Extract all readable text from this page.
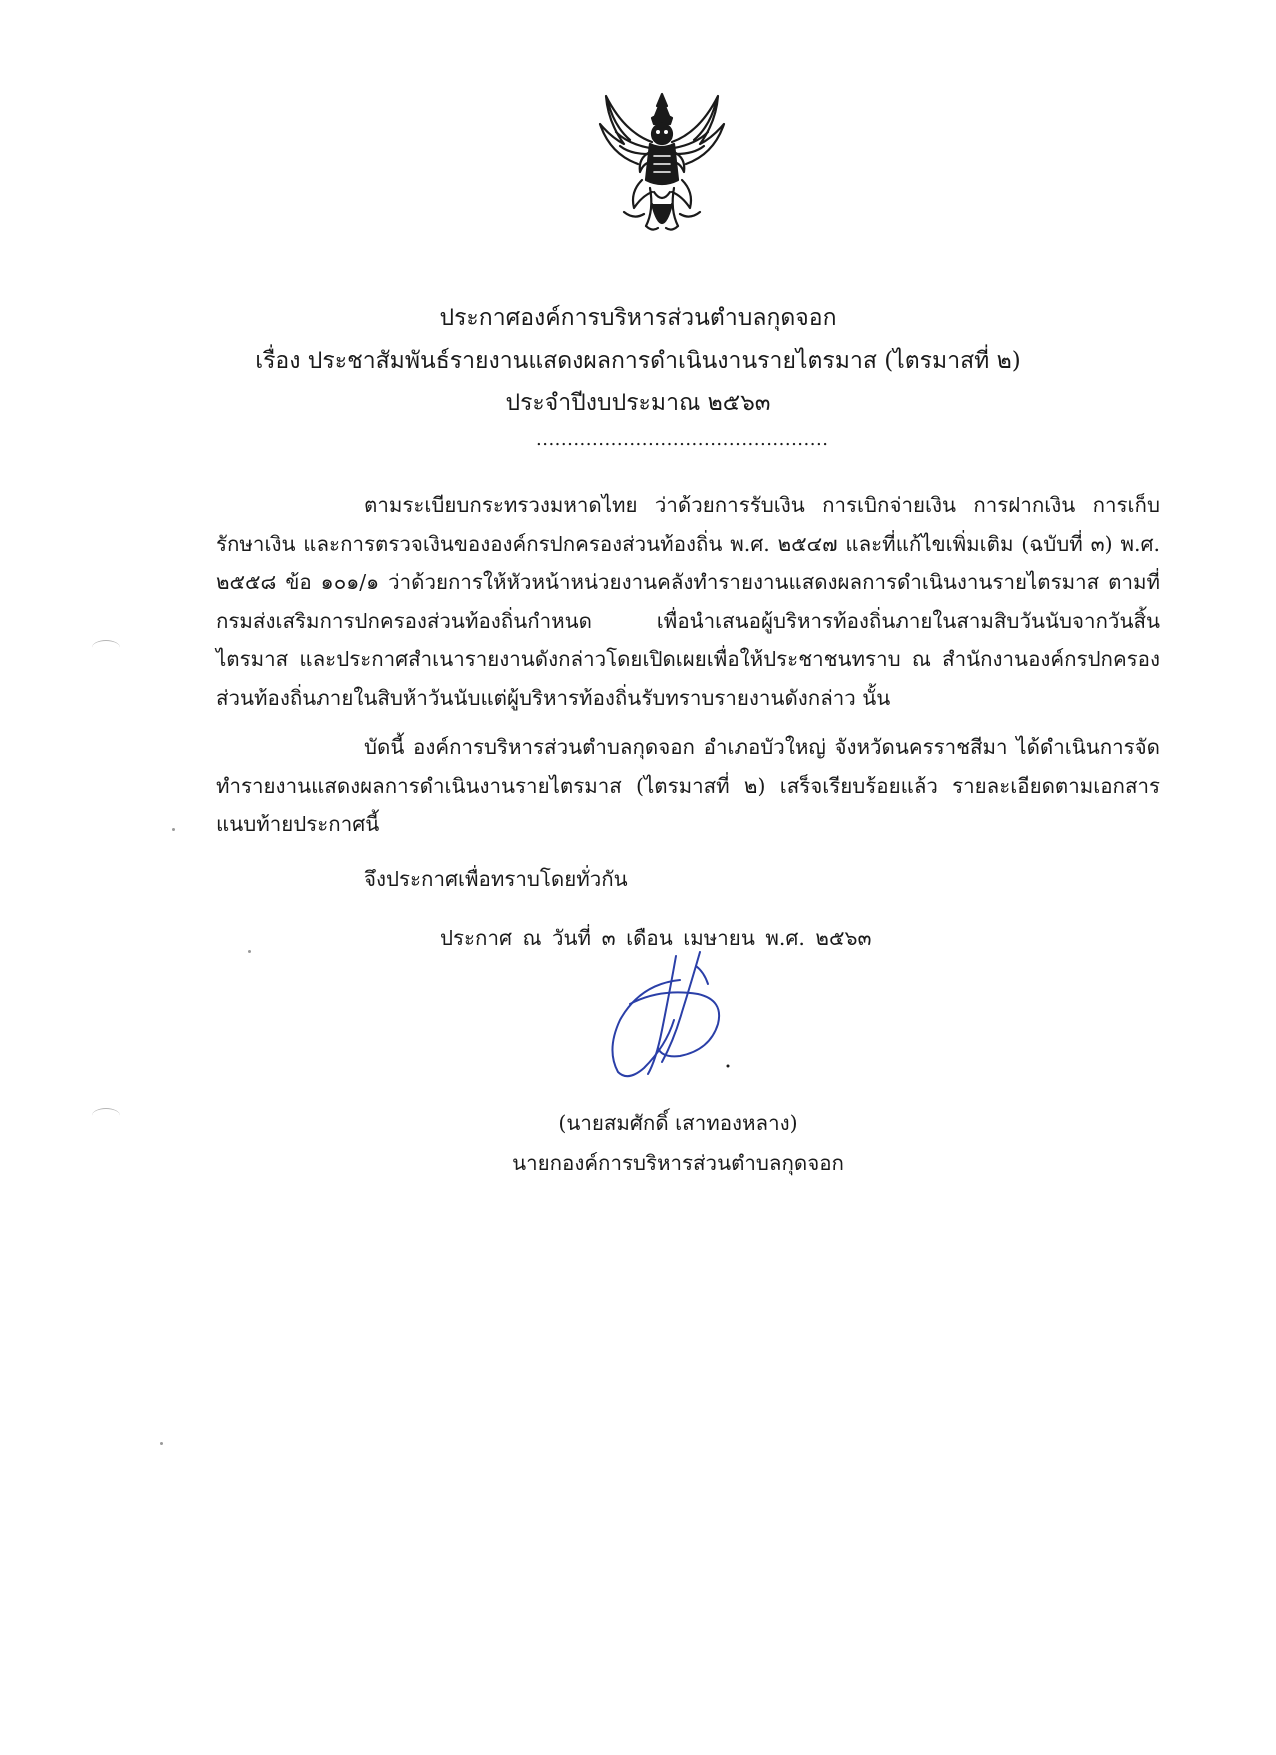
ประกาศองค์การบริหารส่วนตำบลกุดจอก
เรื่อง ประชาสัมพันธ์รายงานแสดงผลการดำเนินงานรายไตรมาส (ไตรมาสที่ ๒)
ประจำปีงบประมาณ ๒๕๖๓
...............................................
ตามระเบียบกระทรวงมหาดไทย ว่าด้วยการรับเงิน การเบิกจ่ายเงิน การฝากเงิน การเก็บรักษาเงิน และการตรวจเงินขององค์กรปกครองส่วนท้องถิ่น พ.ศ. ๒๕๔๗ และที่แก้ไขเพิ่มเติม (ฉบับที่ ๓) พ.ศ. ๒๕๕๘ ข้อ ๑๐๑/๑ ว่าด้วยการให้หัวหน้าหน่วยงานคลังทำรายงานแสดงผลการดำเนินงานรายไตรมาส ตามที่กรมส่งเสริมการปกครองส่วนท้องถิ่นกำหนด เพื่อนำเสนอผู้บริหารท้องถิ่นภายในสามสิบวันนับจากวันสิ้นไตรมาส และประกาศสำเนารายงานดังกล่าวโดยเปิดเผยเพื่อให้ประชาชนทราบ ณ สำนักงานองค์กรปกครองส่วนท้องถิ่นภายในสิบห้าวันนับแต่ผู้บริหารท้องถิ่นรับทราบรายงานดังกล่าว นั้น
บัดนี้ องค์การบริหารส่วนตำบลกุดจอก อำเภอบัวใหญ่ จังหวัดนครราชสีมา ได้ดำเนินการจัดทำรายงานแสดงผลการดำเนินงานรายไตรมาส (ไตรมาสที่ ๒) เสร็จเรียบร้อยแล้ว รายละเอียดตามเอกสารแนบท้ายประกาศนี้
จึงประกาศเพื่อทราบโดยทั่วกัน
ประกาศ ณ วันที่ ๓ เดือน เมษายน พ.ศ. ๒๕๖๓
(นายสมศักดิ์ เสาทองหลาง)
นายกองค์การบริหารส่วนตำบลกุดจอก
